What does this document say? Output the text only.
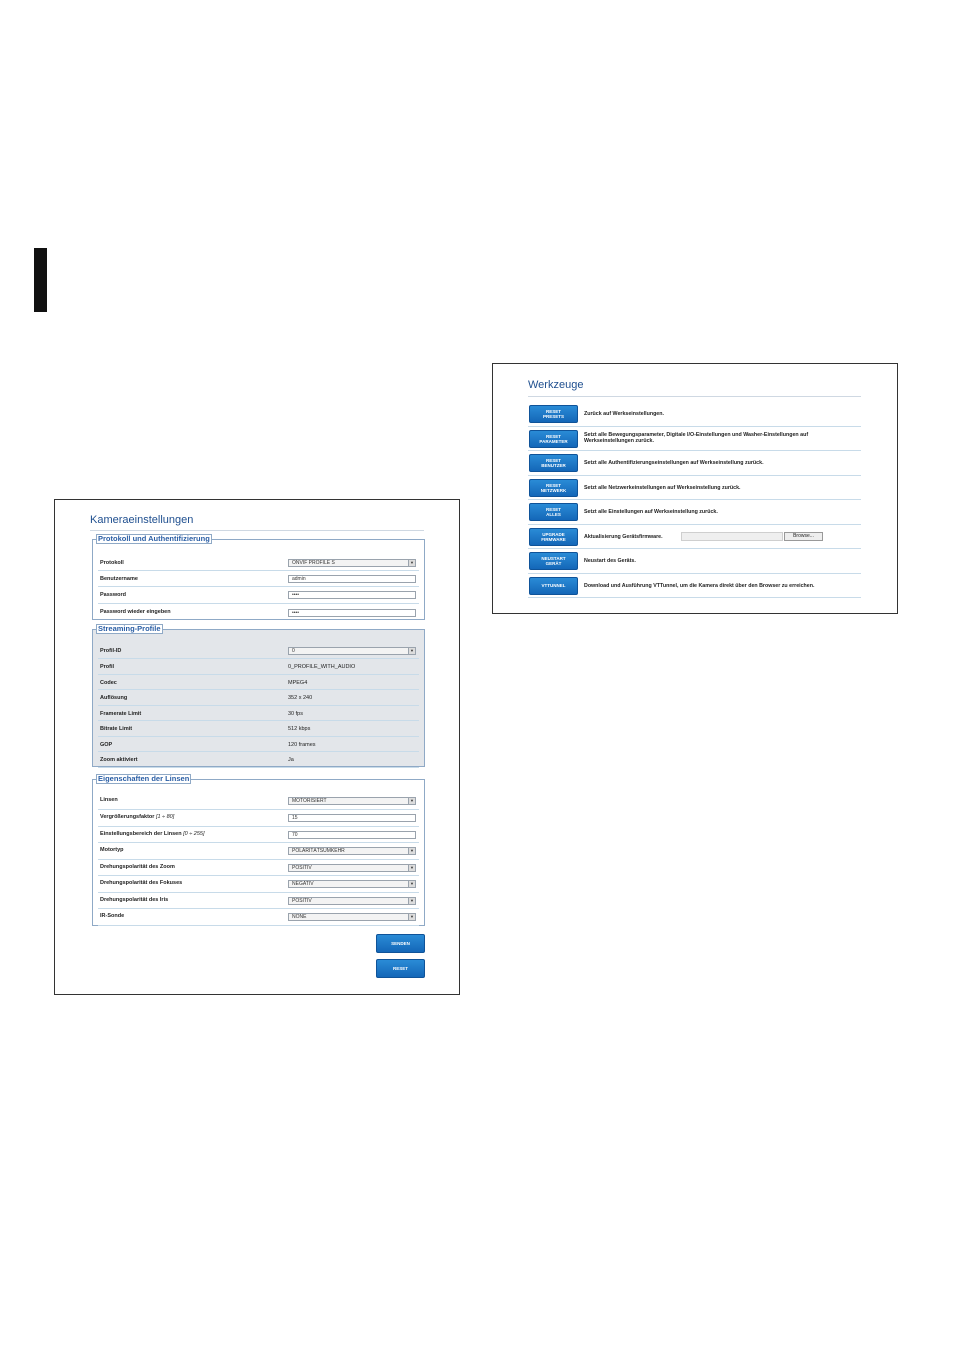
Kameraeinstellungen
Protokoll und Authentifizierung
Protokoll	ONVIF PROFILE S	▼
Benutzername	admin
Password	••••
Password wieder eingeben	••••
Streaming-Profile
Profil-ID	0	▼
Profil	0_PROFILE_WITH_AUDIO
Codec	MPEG4
Auflösung	352 x 240
Framerate Limit	30 fps
Bitrate Limit	512 kbps
GOP	120 frames
Zoom aktiviert	Ja
Eigenschaften der Linsen
Linsen	MOTORISIERT	▼
Vergrößerungsfaktor [1 ÷ 80]	15
Einstellungsbereich der Linsen [0 ÷ 255]	70
Motortyp	POLARITÄTSUMKEHR	▼
Drehungspolarität des Zoom	POSITIV	▼
Drehungspolarität des Fokuses	NEGATIV	▼
Drehungspolarität des Iris	POSITIV	▼
IR-Sonde	NONE	▼
SENDEN
RESET
Werkzeuge
RESET
PRESETS	Zurück auf Werkseinstellungen.
RESET
PARAMETER
Setzt alle Bewegungsparameter, Digitale I/O-Einstellungen und Washer-Einstellungen auf Werkseinstellungen zurück.
RESET
BENUTZER	Setzt alle Authentifizierungseinstellungen auf Werkseinstellung zurück.
RESET
NETZWERK	Setzt alle Netzwerkeinstellungen auf Werkseinstellung zurück.
RESET
ALLES	Setzt alle Einstellungen auf Werkseinstellung zurück.
UPGRADE
FIRMWARE	Aktualisierung Gerätsfirmware.	Browse...
NEUSTART
GERÄT	Neustart des Geräts.
VTTUNNEL	Download und Ausführung VTTunnel, um die Kamera direkt über den Browser zu erreichen.
